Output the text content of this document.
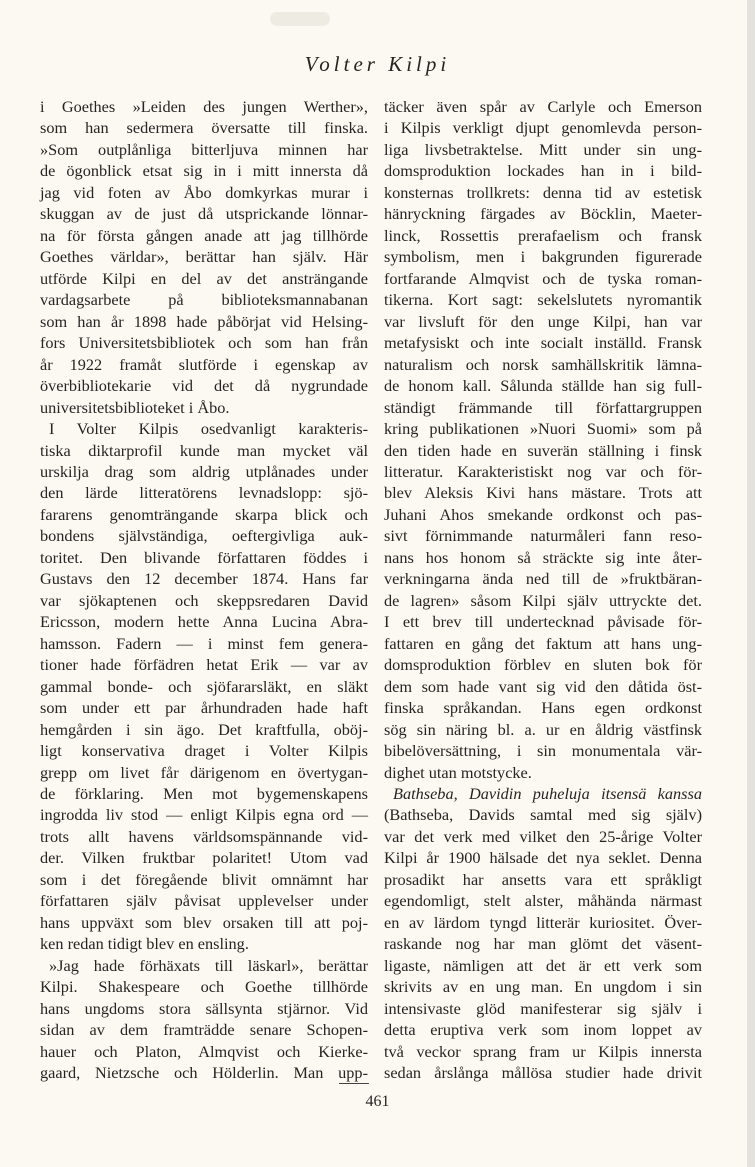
Volter Kilpi
i Goethes »Leiden des jungen Werther»,
som han sedermera översatte till finska.
»Som outplånliga bitterljuva minnen har
de ögonblick etsat sig in i mitt innersta då
jag vid foten av Åbo domkyrkas murar i
skuggan av de just då utsprickande lönnar-
na för första gången anade att jag tillhörde
Goethes världar», berättar han själv. Här
utförde Kilpi en del av det ansträngande
vardagsarbete på biblioteksmannabanan
som han år 1898 hade påbörjat vid Helsing-
fors Universitetsbibliotek och som han från
år 1922 framåt slutförde i egenskap av
överbibliotekarie vid det då nygrundade
universitetsbiblioteket i Åbo.
I Volter Kilpis osedvanligt karakteris-
tiska diktarprofil kunde man mycket väl
urskilja drag som aldrig utplånades under
den lärde litteratörens levnadslopp: sjö-
fararens genomträngande skarpa blick och
bondens självständiga, oeftergivliga auk-
toritet. Den blivande författaren föddes i
Gustavs den 12 december 1874. Hans far
var sjökaptenen och skeppsredaren David
Ericsson, modern hette Anna Lucina Abra-
hamsson. Fadern — i minst fem genera-
tioner hade förfädren hetat Erik — var av
gammal bonde- och sjöfararsläkt, en släkt
som under ett par århundraden hade haft
hemgården i sin ägo. Det kraftfulla, oböj-
ligt konservativa draget i Volter Kilpis
grepp om livet får därigenom en övertygan-
de förklaring. Men mot bygemenskapens
ingrodda liv stod — enligt Kilpis egna ord —
trots allt havens världsomspännande vid-
der. Vilken fruktbar polaritet! Utom vad
som i det föregående blivit omnämnt har
författaren själv påvisat upplevelser under
hans uppväxt som blev orsaken till att poj-
ken redan tidigt blev en ensling.
»Jag hade förhäxats till läskarl», berättar
Kilpi. Shakespeare och Goethe tillhörde
hans ungdoms stora sällsynta stjärnor. Vid
sidan av dem framträdde senare Schopen-
hauer och Platon, Almqvist och Kierke-
gaard, Nietzsche och Hölderlin. Man upp-
täcker även spår av Carlyle och Emerson
i Kilpis verkligt djupt genomlevda person-
liga livsbetraktelse. Mitt under sin ung-
domsproduktion lockades han in i bild-
konsternas trollkrets: denna tid av estetisk
hänryckning färgades av Böcklin, Maeter-
linck, Rossettis prerafaelism och fransk
symbolism, men i bakgrunden figurerade
fortfarande Almqvist och de tyska roman-
tikerna. Kort sagt: sekelslutets nyromantik
var livsluft för den unge Kilpi, han var
metafysiskt och inte socialt inställd. Fransk
naturalism och norsk samhällskritik lämna-
de honom kall. Sålunda ställde han sig full-
ständigt främmande till författargruppen
kring publikationen »Nuori Suomi» som på
den tiden hade en suverän ställning i finsk
litteratur. Karakteristiskt nog var och för-
blev Aleksis Kivi hans mästare. Trots att
Juhani Ahos smekande ordkonst och pas-
sivt förnimmande naturmåleri fann reso-
nans hos honom så sträckte sig inte åter-
verkningarna ända ned till de »fruktbäran-
de lagren» såsom Kilpi själv uttryckte det.
I ett brev till undertecknad påvisade för-
fattaren en gång det faktum att hans ung-
domsproduktion förblev en sluten bok för
dem som hade vant sig vid den dåtida öst-
finska språkandan. Hans egen ordkonst
sög sin näring bl. a. ur en åldrig västfinsk
bibelöversättning, i sin monumentala vär-
dighet utan motstycke.
Bathseba, Davidin puheluja itsensä kanssa
(Bathseba, Davids samtal med sig själv)
var det verk med vilket den 25-årige Volter
Kilpi år 1900 hälsade det nya seklet. Denna
prosadikt har ansetts vara ett språkligt
egendomligt, stelt alster, måhända närmast
en av lärdom tyngd litterär kuriositet. Över-
raskande nog har man glömt det väsent-
ligaste, nämligen att det är ett verk som
skrivits av en ung man. En ungdom i sin
intensivaste glöd manifesterar sig själv i
detta eruptiva verk som inom loppet av
två veckor sprang fram ur Kilpis innersta
sedan årslånga mållösa studier hade drivit
461
